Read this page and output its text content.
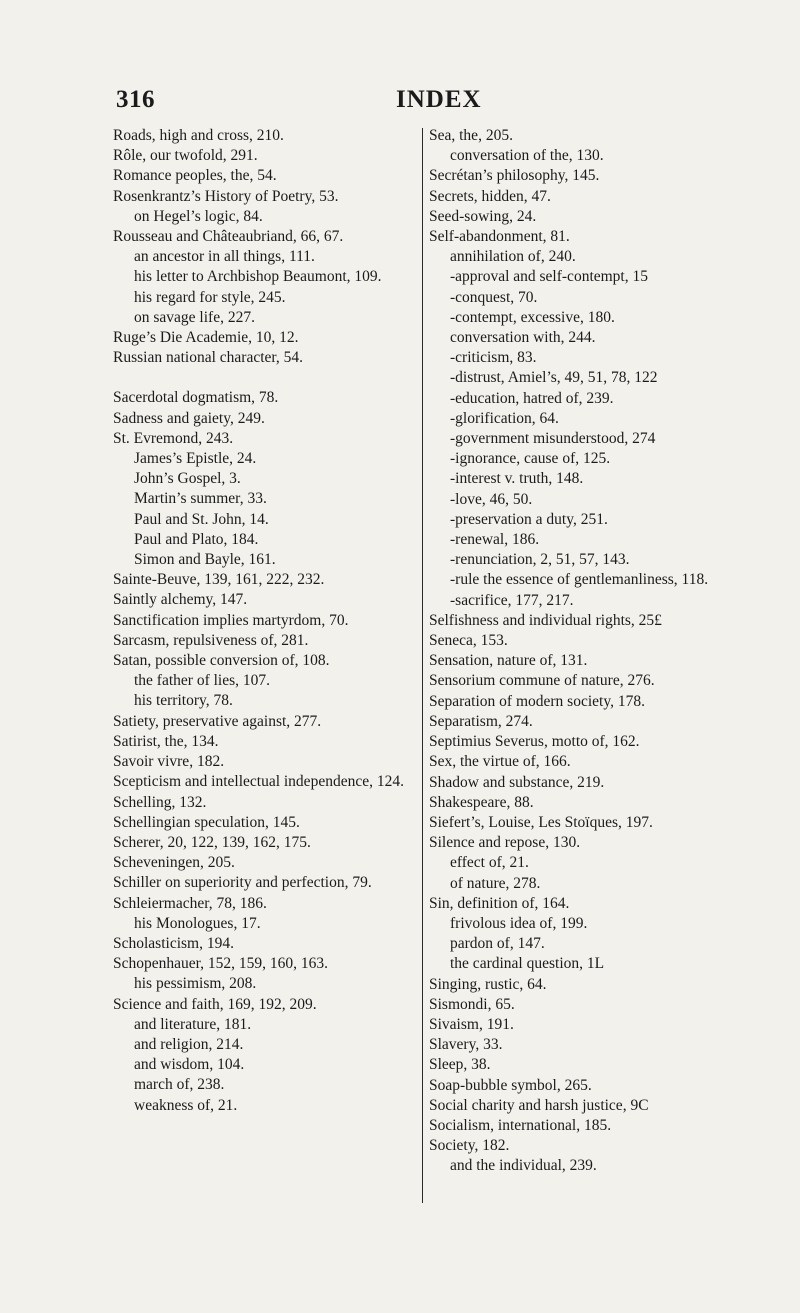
316	INDEX

Roads, high and cross, 210.

Rôle, our twofold, 291.

Romance peoples, the, 54.

Rosenkrantz’s History of Poetry, 53.

on Hegel’s logic, 84.

Rousseau and Châteaubriand, 66, 67.

an ancestor in all things, 111.

his letter to Archbishop Beaumont, 109.

his regard for style, 245.

on savage life, 227.

Ruge’s Die Academie, 10, 12.

Russian national character, 54.

Sacerdotal dogmatism, 78.

Sadness and gaiety, 249.

St. Evremond, 243.

James’s Epistle, 24.

John’s Gospel, 3.

Martin’s summer, 33.

Paul and St. John, 14.

Paul and Plato, 184.

Simon and Bayle, 161.

Sainte-Beuve, 139, 161, 222, 232.

Saintly alchemy, 147.

Sanctification implies martyrdom, 70.

Sarcasm, repulsiveness of, 281.

Satan, possible conversion of, 108.

the father of lies, 107.

his territory, 78.

Satiety, preservative against, 277.

Satirist, the, 134.

Savoir vivre, 182.

Scepticism and intellectual independence, 124.

Schelling, 132.

Schellingian speculation, 145.

Scherer, 20, 122, 139, 162, 175.

Scheveningen, 205.

Schiller on superiority and perfection, 79.

Schleiermacher, 78, 186.

his Monologues, 17.

Scholasticism, 194.

Schopenhauer, 152, 159, 160, 163.

his pessimism, 208.

Science and faith, 169, 192, 209.

and literature, 181.

and religion, 214.

and wisdom, 104.

march of, 238.

weakness of, 21.

Sea, the, 205.

conversation of the, 130.

Secrétan’s philosophy, 145.

Secrets, hidden, 47.

Seed-sowing, 24.

Self-abandonment, 81.

annihilation of, 240.

-approval and self-contempt, 15

-conquest, 70.

-contempt, excessive, 180.

conversation with, 244.

-criticism, 83.

-distrust, Amiel’s, 49, 51, 78, 122

-education, hatred of, 239.

-glorification, 64.

-government misunderstood, 274

-ignorance, cause of, 125.

-interest v. truth, 148.

-love, 46, 50.

-preservation a duty, 251.

-renewal, 186.

-renunciation, 2, 51, 57, 143.

-rule the essence of gentlemanliness, 118.

-sacrifice, 177, 217.

Selfishness and individual rights, 25£

Seneca, 153.

Sensation, nature of, 131.

Sensorium commune of nature, 276.

Separation of modern society, 178.

Separatism, 274.

Septimius Severus, motto of, 162.

Sex, the virtue of, 166.

Shadow and substance, 219.

Shakespeare, 88.

Siefert’s, Louise, Les Stoïques, 197.

Silence and repose, 130.

effect of, 21.

of nature, 278.

Sin, definition of, 164.

frivolous idea of, 199.

pardon of, 147.

the cardinal question, 1L

Singing, rustic, 64.

Sismondi, 65.

Sivaism, 191.

Slavery, 33.

Sleep, 38.

Soap-bubble symbol, 265.

Social charity and harsh justice, 9C

Socialism, international, 185.

Society, 182.

and the individual, 239.
